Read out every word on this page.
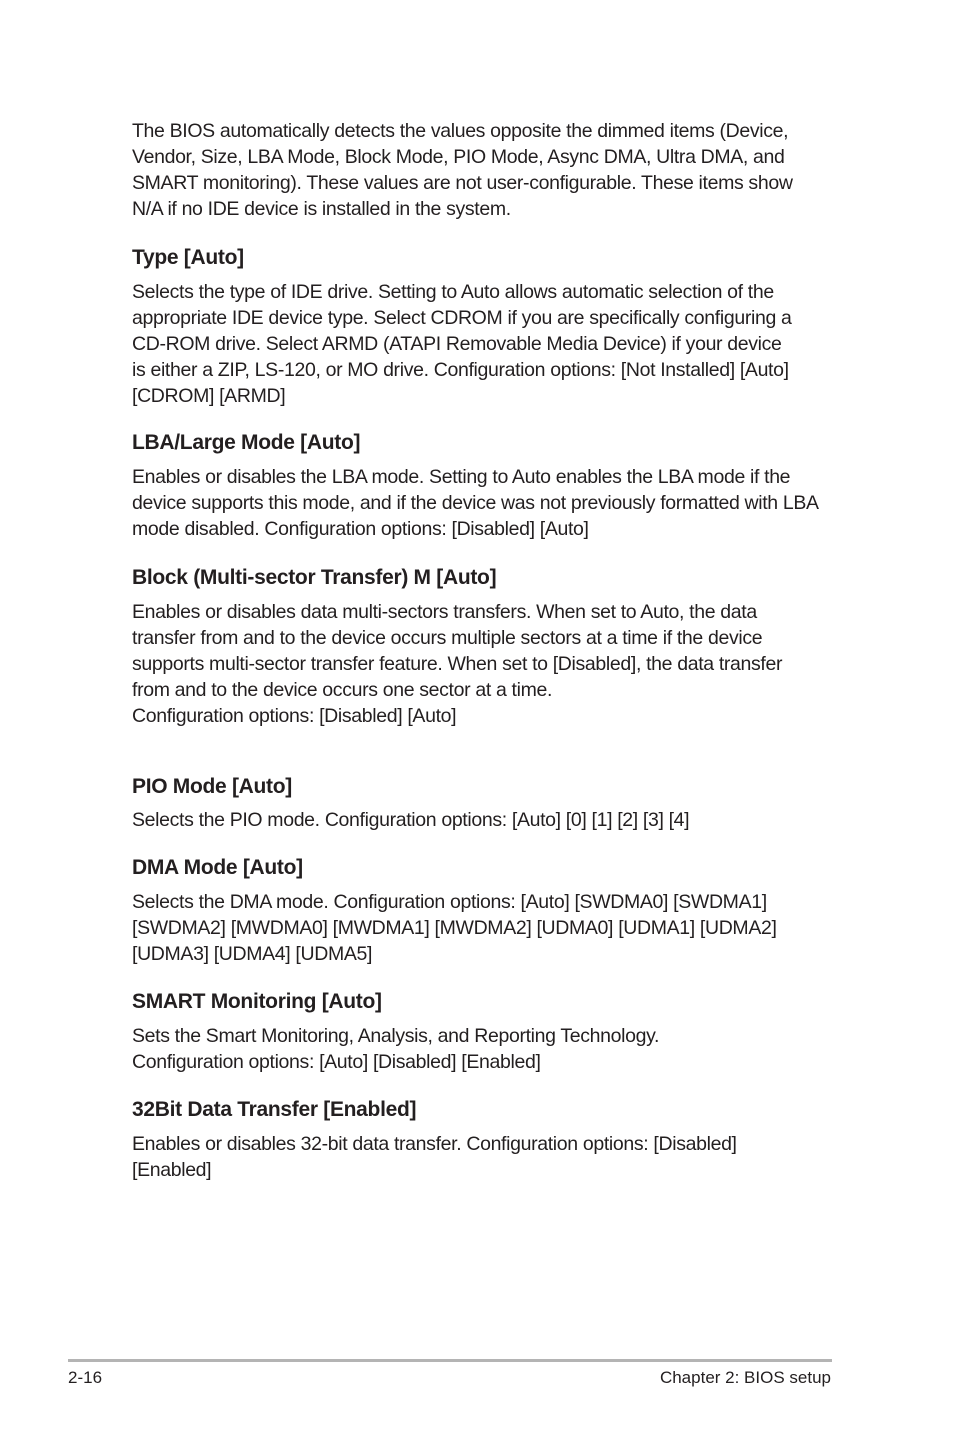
The BIOS automatically detects the values opposite the dimmed items (Device,
Vendor, Size, LBA Mode, Block Mode, PIO Mode, Async DMA, Ultra DMA, and
SMART monitoring). These values are not user-configurable. These items show
N/A if no IDE device is installed in the system.

Type [Auto]

Selects the type of IDE drive. Setting to Auto allows automatic selection of the
appropriate IDE device type. Select CDROM if you are specifically configuring a
CD-ROM drive. Select ARMD (ATAPI Removable Media Device) if your device
is either a ZIP, LS-120, or MO drive. Configuration options: [Not Installed] [Auto]
[CDROM] [ARMD]

LBA/Large Mode [Auto]

Enables or disables the LBA mode. Setting to Auto enables the LBA mode if the
device supports this mode, and if the device was not previously formatted with LBA
mode disabled. Configuration options: [Disabled] [Auto]

Block (Multi-sector Transfer) M [Auto]

Enables or disables data multi-sectors transfers. When set to Auto, the data
transfer from and to the device occurs multiple sectors at a time if the device
supports multi-sector transfer feature. When set to [Disabled], the data transfer
from and to the device occurs one sector at a time.
Configuration options: [Disabled] [Auto]

PIO Mode [Auto]

Selects the PIO mode. Configuration options: [Auto] [0] [1] [2] [3] [4]

DMA Mode [Auto]

Selects the DMA mode. Configuration options: [Auto] [SWDMA0] [SWDMA1]
[SWDMA2] [MWDMA0] [MWDMA1] [MWDMA2] [UDMA0] [UDMA1] [UDMA2]
[UDMA3] [UDMA4] [UDMA5]

SMART Monitoring [Auto]

Sets the Smart Monitoring, Analysis, and Reporting Technology.
Configuration options: [Auto] [Disabled] [Enabled]

32Bit Data Transfer [Enabled]

Enables or disables 32-bit data transfer. Configuration options: [Disabled]
[Enabled]

2-16	Chapter 2: BIOS setup
